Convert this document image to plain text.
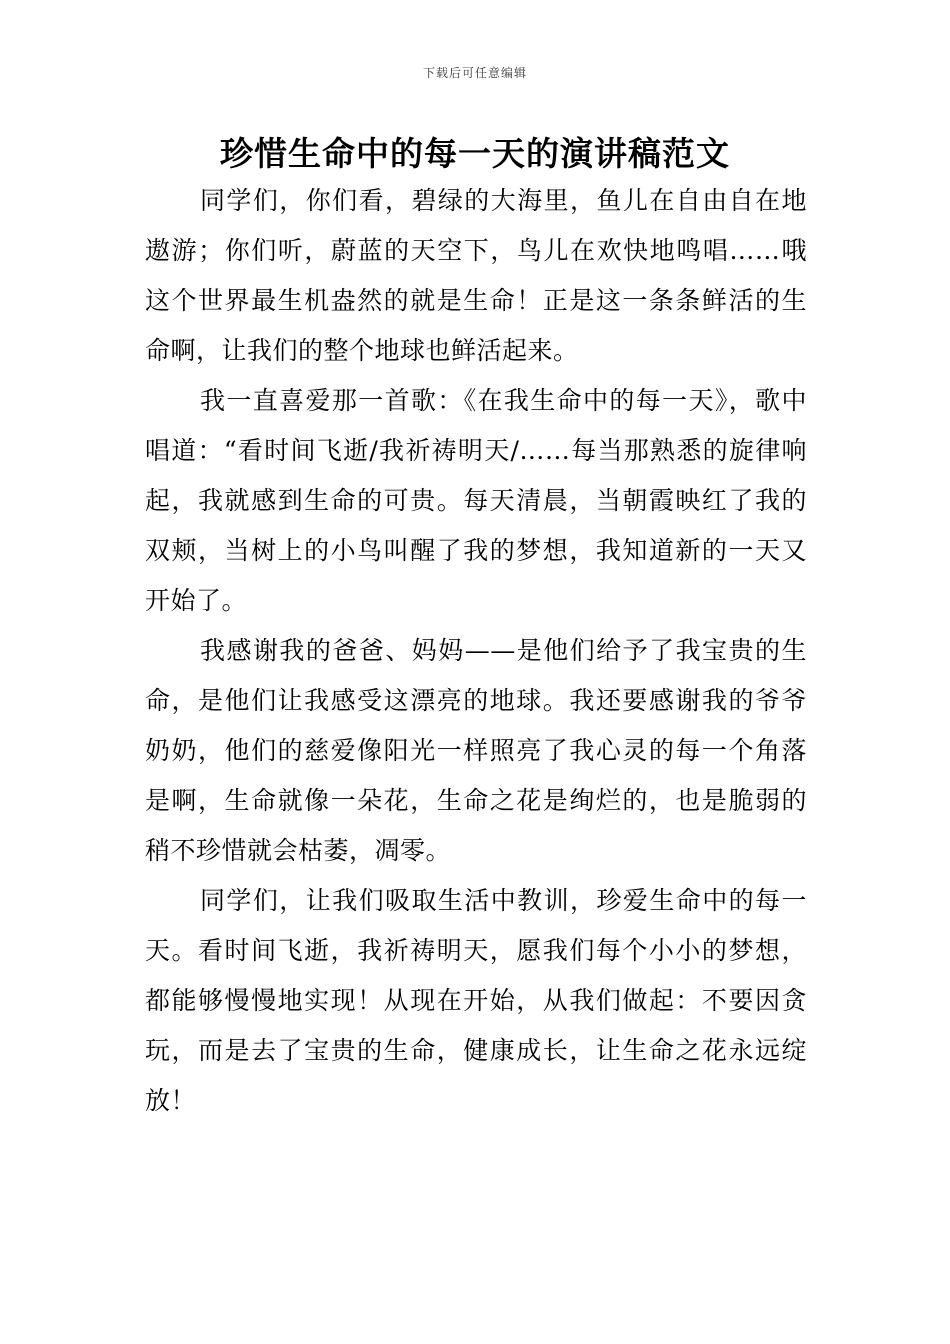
下载后可任意编辑
珍惜生命中的每一天的演讲稿范文

同学们，你们看，碧绿的大海里，鱼儿在自由自在地遨游；你们听，蔚蓝的天空下，鸟儿在欢快地鸣唱……哦这个世界最生机盎然的就是生命！正是这一条条鲜活的生命啊，让我们的整个地球也鲜活起来。

我一直喜爱那一首歌：《在我生命中的每一天》，歌中唱道：“看时间飞逝/我祈祷明天/……每当那熟悉的旋律响起，我就感到生命的可贵。每天清晨，当朝霞映红了我的双颊，当树上的小鸟叫醒了我的梦想，我知道新的一天又开始了。

我感谢我的爸爸、妈妈——是他们给予了我宝贵的生命，是他们让我感受这漂亮的地球。我还要感谢我的爷爷奶奶，他们的慈爱像阳光一样照亮了我心灵的每一个角落是啊，生命就像一朵花，生命之花是绚烂的，也是脆弱的稍不珍惜就会枯萎，凋零。

同学们，让我们吸取生活中教训，珍爱生命中的每一天。看时间飞逝，我祈祷明天，愿我们每个小小的梦想，都能够慢慢地实现！从现在开始，从我们做起：不要因贪玩，而是去了宝贵的生命，健康成长，让生命之花永远绽放！
